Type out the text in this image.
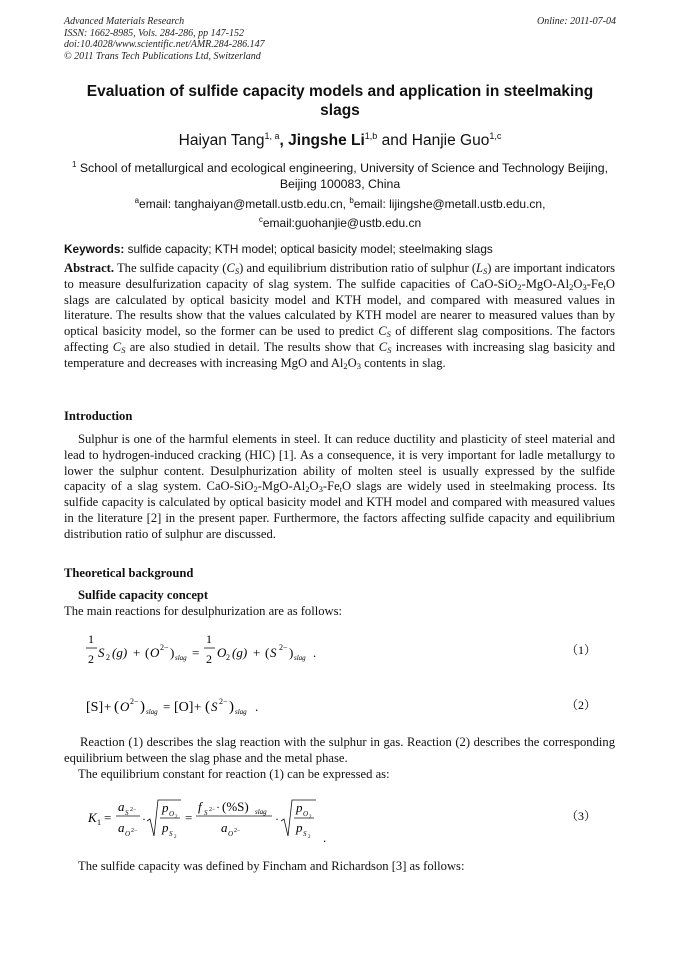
Advanced Materials Research
ISSN: 1662-8985, Vols. 284-286, pp 147-152
doi:10.4028/www.scientific.net/AMR.284-286.147
© 2011 Trans Tech Publications Ltd, Switzerland
Online: 2011-07-04
Evaluation of sulfide capacity models and application in steelmaking
slags
Haiyan Tang$^{1, a}$, Jingshe Li$^{1,b}$ and Hanjie Guo$^{1,c}$
$^1$ School of metallurgical and ecological engineering, University of Science and Technology Beijing,
Beijing 100083, China
$^a$email: tanghaiyan@metall.ustb.edu.cn, $^b$email: lijingshe@metall.ustb.edu.cn,
$^c$email:guohanjie@ustb.edu.cn
Keywords: sulfide capacity; KTH model; optical basicity model; steelmaking slags
Abstract. The sulfide capacity $(C_S)$ and equilibrium distribution ratio of sulphur $(L_S)$ are important indicators to measure desulfurization capacity of slag system. The sulfide capacities of CaO-$SiO_2-MgO-Al_2O_3-Fe_tO$ slags are calculated by optical basicity model and KTH model, and compared with measured values in literature. The results show that the values calculated by KTH model are nearer to measured values than by optical basicity model, so the former can be used to predict $C_S$ of different slag compositions. The factors affecting $C_S$ are also studied in detail. The results show that $C_S$ increases with increasing slag basicity and temperature and decreases with increasing MgO and $Al_2O_3$ contents in slag.
Introduction
Sulphur is one of the harmful elements in steel. It can reduce ductility and plasticity of steel material and lead to hydrogen-induced cracking (HIC) [1]. As a consequence, it is very important for ladle metallurgy to lower the sulphur content. Desulphurization ability of molten steel is usually expressed by the sulfide capacity of a slag system. CaO-$SiO_2-MgO-Al_2O_3-Fe_tO$ slags are widely used in steelmaking process. Its sulfide capacity is calculated by optical basicity model and KTH model and compared with measured values in the literature [2] in the present paper. Furthermore, the factors affecting sulfide capacity and equilibrium distribution ratio of sulphur are discussed.
Theoretical background
Sulfide capacity concept
The main reactions for desulphurization are as follows:
1
2 S 2 (g) + ( O 2− ) slag =
1
2 O 2 (g) + ( S 2− ) slag .	（1）
[S] + ( O 2− ) slag = [O] + ( S 2− ) slag .	（2）
K 1 =
a S 2−
a O 2−
·
p O 2
p S 2
=
f S 2− · (%S) slag
a O 2−
·
p O 2
p S 2 .
（3）
Reaction (1) describes the slag reaction with the sulphur in gas. Reaction (2) describes the corresponding equilibrium between the slag phase and the metal phase.
The equilibrium constant for reaction (1) can be expressed as:
The sulfide capacity was defined by Fincham and Richardson [3] as follows:
